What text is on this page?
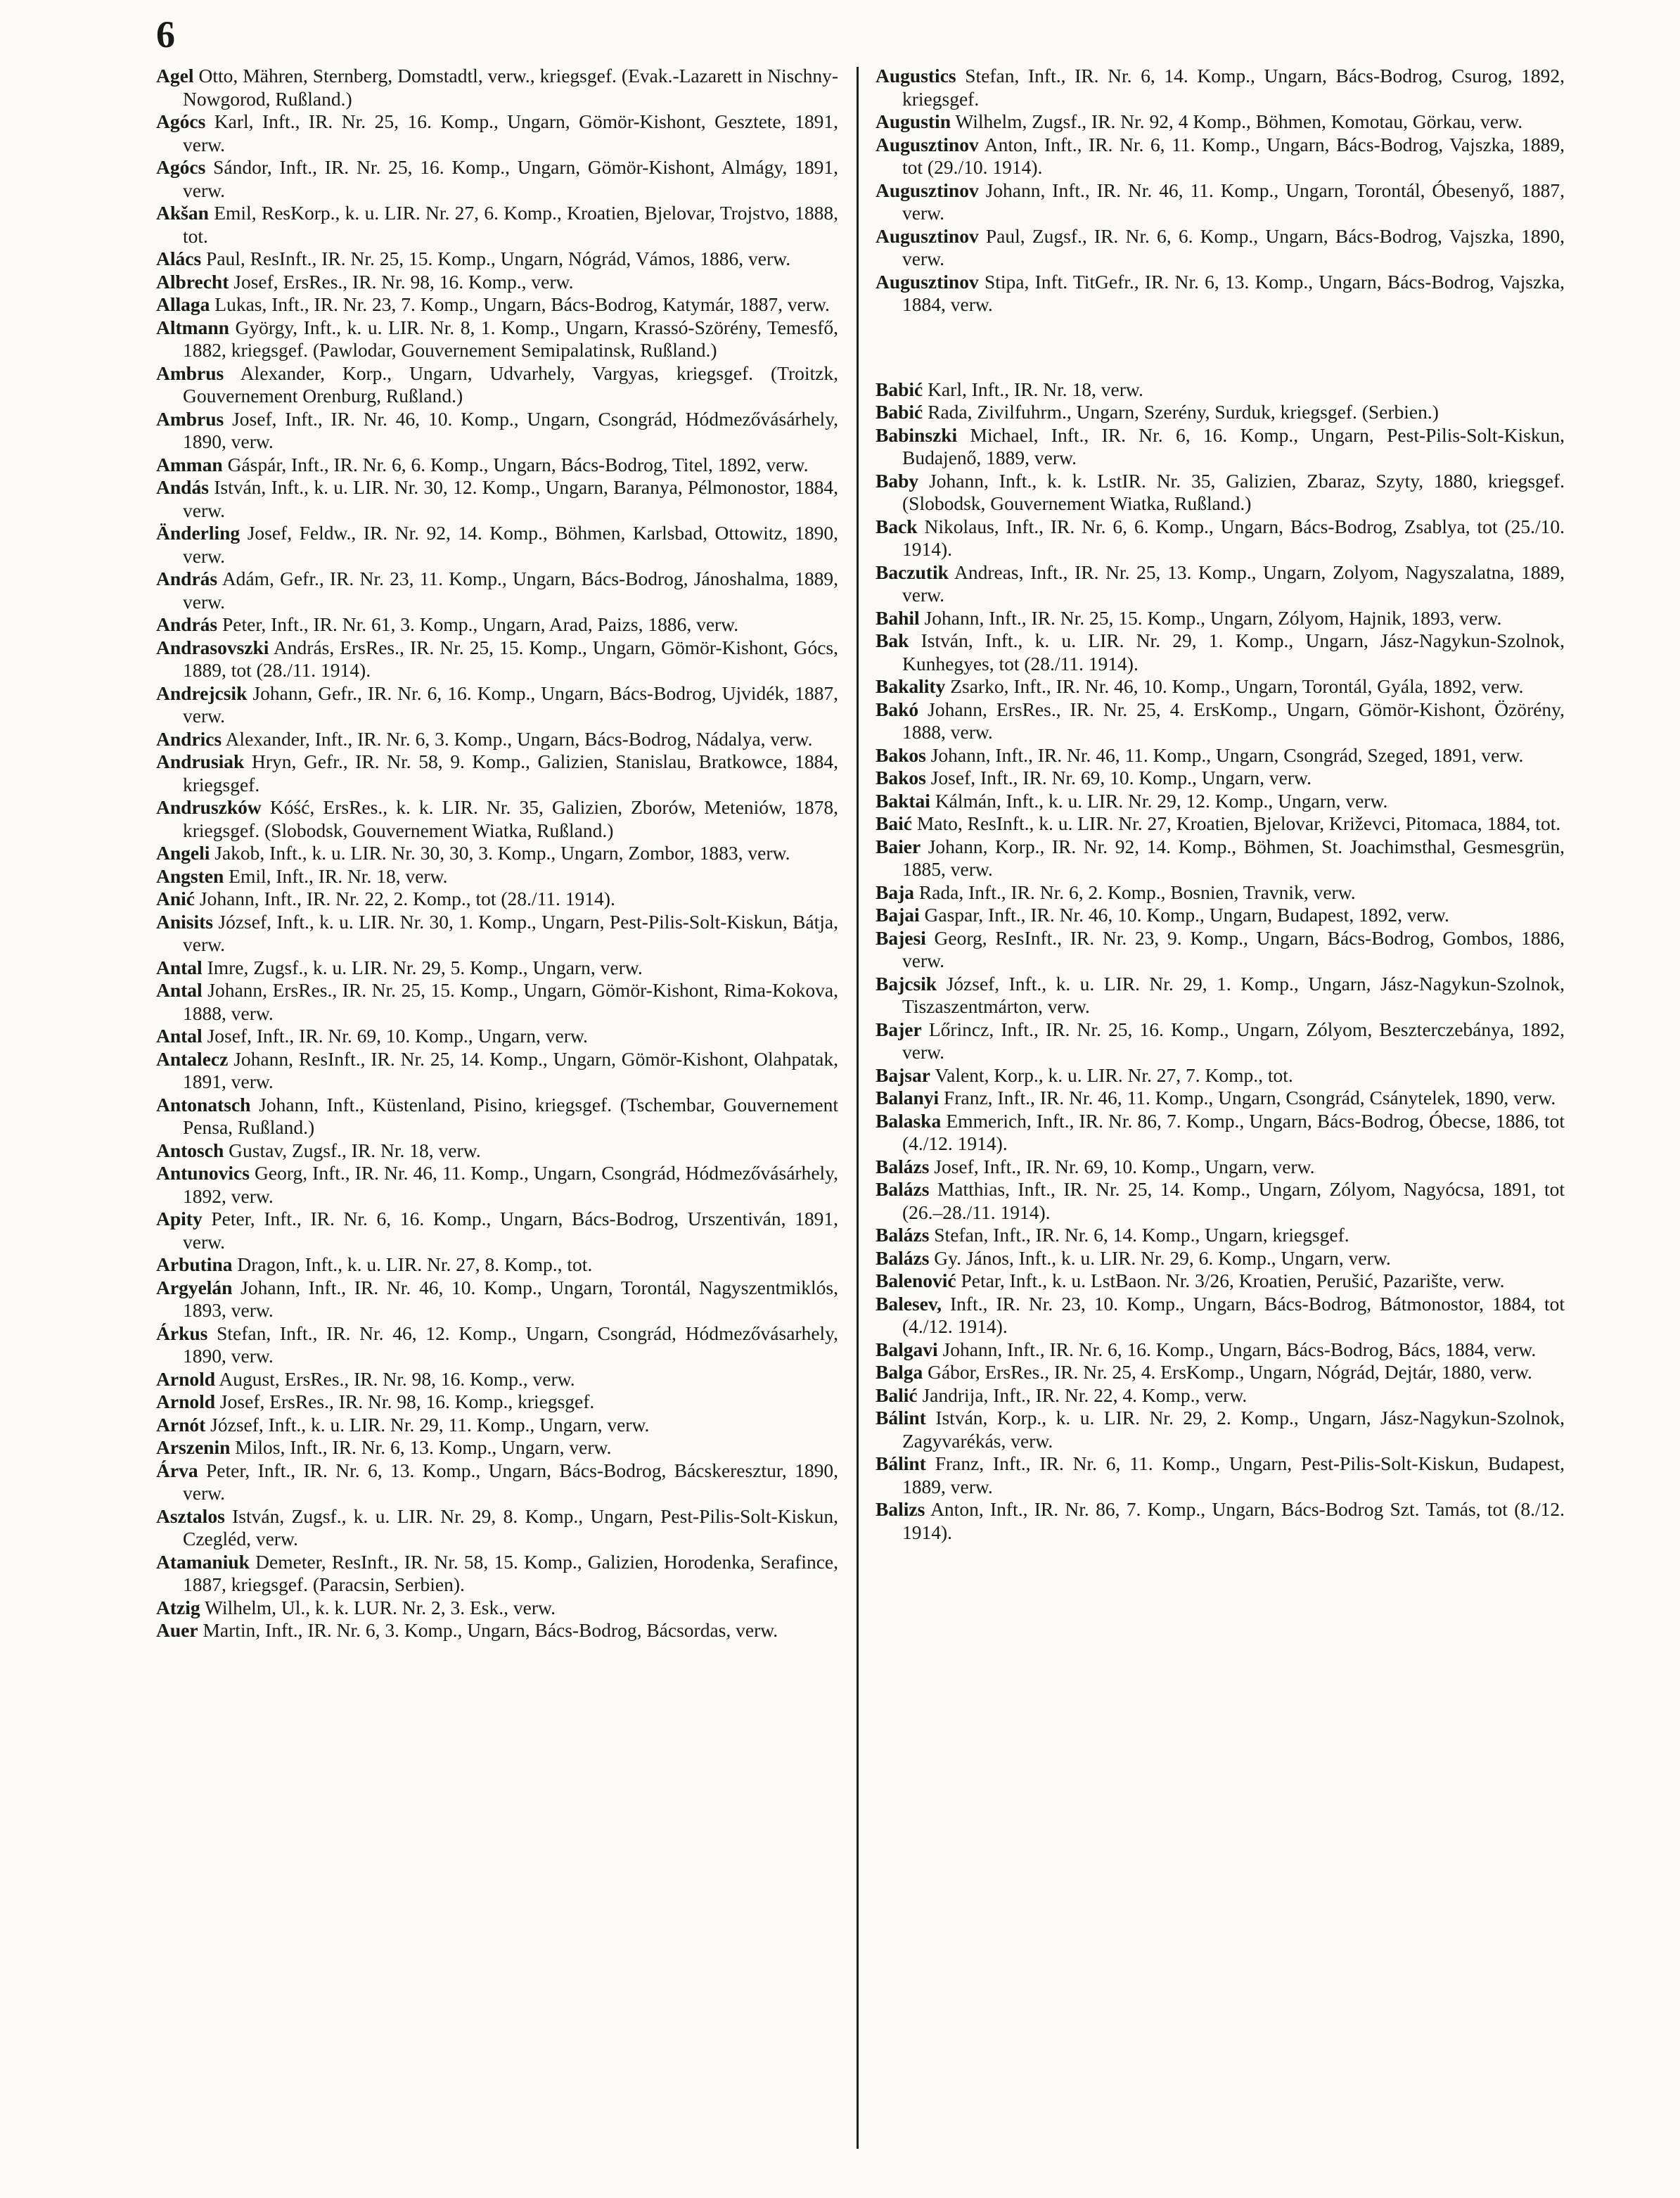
6

Agel Otto, Mähren, Sternberg, Domstadtl, verw., kriegsgef. (Evak.-Lazarett in Nischny-Nowgorod, Rußland.)

Agócs Karl, Inft., IR. Nr. 25, 16. Komp., Ungarn, Gömör-Kishont, Gesztete, 1891, verw.

Agócs Sándor, Inft., IR. Nr. 25, 16. Komp., Ungarn, Gömör-Kishont, Almágy, 1891, verw.

Akšan Emil, ResKorp., k. u. LIR. Nr. 27, 6. Komp., Kroatien, Bjelovar, Trojstvo, 1888, tot.

Alács Paul, ResInft., IR. Nr. 25, 15. Komp., Ungarn, Nógrád, Vámos, 1886, verw.

Albrecht Josef, ErsRes., IR. Nr. 98, 16. Komp., verw.

Allaga Lukas, Inft., IR. Nr. 23, 7. Komp., Ungarn, Bács-Bodrog, Katymár, 1887, verw.

Altmann György, Inft., k. u. LIR. Nr. 8, 1. Komp., Ungarn, Krassó-Szörény, Temesfő, 1882, kriegsgef. (Pawlodar, Gouvernement Semipalatinsk, Rußland.)

Ambrus Alexander, Korp., Ungarn, Udvarhely, Vargyas, kriegsgef. (Troitzk, Gouvernement Orenburg, Rußland.)

Ambrus Josef, Inft., IR. Nr. 46, 10. Komp., Ungarn, Csongrád, Hódmezővásárhely, 1890, verw.

Amman Gáspár, Inft., IR. Nr. 6, 6. Komp., Ungarn, Bács-Bodrog, Titel, 1892, verw.

Andás István, Inft., k. u. LIR. Nr. 30, 12. Komp., Ungarn, Baranya, Pélmonostor, 1884, verw.

Änderling Josef, Feldw., IR. Nr. 92, 14. Komp., Böhmen, Karlsbad, Ottowitz, 1890, verw.

András Adám, Gefr., IR. Nr. 23, 11. Komp., Ungarn, Bács-Bodrog, Jánoshalma, 1889, verw.

András Peter, Inft., IR. Nr. 61, 3. Komp., Ungarn, Arad, Paizs, 1886, verw.

Andrasovszki András, ErsRes., IR. Nr. 25, 15. Komp., Ungarn, Gömör-Kishont, Gócs, 1889, tot (28./11. 1914).

Andrejcsik Johann, Gefr., IR. Nr. 6, 16. Komp., Ungarn, Bács-Bodrog, Ujvidék, 1887, verw.

Andrics Alexander, Inft., IR. Nr. 6, 3. Komp., Ungarn, Bács-Bodrog, Nádalya, verw.

Andrusiak Hryn, Gefr., IR. Nr. 58, 9. Komp., Galizien, Stanislau, Bratkowce, 1884, kriegsgef.

Andruszków Kóść, ErsRes., k. k. LIR. Nr. 35, Galizien, Zborów, Meteniów, 1878, kriegsgef. (Slobodsk, Gouvernement Wiatka, Rußland.)

Angeli Jakob, Inft., k. u. LIR. Nr. 30, 30, 3. Komp., Ungarn, Zombor, 1883, verw.

Angsten Emil, Inft., IR. Nr. 18, verw.

Anić Johann, Inft., IR. Nr. 22, 2. Komp., tot (28./11. 1914).

Anisits József, Inft., k. u. LIR. Nr. 30, 1. Komp., Ungarn, Pest-Pilis-Solt-Kiskun, Bátja, verw.

Antal Imre, Zugsf., k. u. LIR. Nr. 29, 5. Komp., Ungarn, verw.

Antal Johann, ErsRes., IR. Nr. 25, 15. Komp., Ungarn, Gömör-Kishont, Rima-Kokova, 1888, verw.

Antal Josef, Inft., IR. Nr. 69, 10. Komp., Ungarn, verw.

Antalecz Johann, ResInft., IR. Nr. 25, 14. Komp., Ungarn, Gömör-Kishont, Olahpatak, 1891, verw.

Antonatsch Johann, Inft., Küstenland, Pisino, kriegsgef. (Tschembar, Gouvernement Pensa, Rußland.)

Antosch Gustav, Zugsf., IR. Nr. 18, verw.

Antunovics Georg, Inft., IR. Nr. 46, 11. Komp., Ungarn, Csongrád, Hódmezővásárhely, 1892, verw.

Apity Peter, Inft., IR. Nr. 6, 16. Komp., Ungarn, Bács-Bodrog, Urszentiván, 1891, verw.

Arbutina Dragon, Inft., k. u. LIR. Nr. 27, 8. Komp., tot.

Argyelán Johann, Inft., IR. Nr. 46, 10. Komp., Ungarn, Torontál, Nagyszentmiklós, 1893, verw.

Árkus Stefan, Inft., IR. Nr. 46, 12. Komp., Ungarn, Csongrád, Hódmezővásarhely, 1890, verw.

Arnold August, ErsRes., IR. Nr. 98, 16. Komp., verw.

Arnold Josef, ErsRes., IR. Nr. 98, 16. Komp., kriegsgef.

Arnót József, Inft., k. u. LIR. Nr. 29, 11. Komp., Ungarn, verw.

Arszenin Milos, Inft., IR. Nr. 6, 13. Komp., Ungarn, verw.

Árva Peter, Inft., IR. Nr. 6, 13. Komp., Ungarn, Bács-Bodrog, Bácskeresztur, 1890, verw.

Asztalos István, Zugsf., k. u. LIR. Nr. 29, 8. Komp., Ungarn, Pest-Pilis-Solt-Kiskun, Czegléd, verw.

Atamaniuk Demeter, ResInft., IR. Nr. 58, 15. Komp., Galizien, Horodenka, Serafince, 1887, kriegsgef. (Paracsin, Serbien).

Atzig Wilhelm, Ul., k. k. LUR. Nr. 2, 3. Esk., verw.

Auer Martin, Inft., IR. Nr. 6, 3. Komp., Ungarn, Bács-Bodrog, Bácsordas, verw.

Augustics Stefan, Inft., IR. Nr. 6, 14. Komp., Ungarn, Bács-Bodrog, Csurog, 1892, kriegsgef.

Augustin Wilhelm, Zugsf., IR. Nr. 92, 4 Komp., Böhmen, Komotau, Görkau, verw.

Augusztinov Anton, Inft., IR. Nr. 6, 11. Komp., Ungarn, Bács-Bodrog, Vajszka, 1889, tot (29./10. 1914).

Augusztinov Johann, Inft., IR. Nr. 46, 11. Komp., Ungarn, Torontál, Óbesenyő, 1887, verw.

Augusztinov Paul, Zugsf., IR. Nr. 6, 6. Komp., Ungarn, Bács-Bodrog, Vajszka, 1890, verw.

Augusztinov Stipa, Inft. TitGefr., IR. Nr. 6, 13. Komp., Ungarn, Bács-Bodrog, Vajszka, 1884, verw.

Babić Karl, Inft., IR. Nr. 18, verw.

Babić Rada, Zivilfuhrm., Ungarn, Szerény, Surduk, kriegsgef. (Serbien.)

Babinszki Michael, Inft., IR. Nr. 6, 16. Komp., Ungarn, Pest-Pilis-Solt-Kiskun, Budajenő, 1889, verw.

Baby Johann, Inft., k. k. LstIR. Nr. 35, Galizien, Zbaraz, Szyty, 1880, kriegsgef. (Slobodsk, Gouvernement Wiatka, Rußland.)

Back Nikolaus, Inft., IR. Nr. 6, 6. Komp., Ungarn, Bács-Bodrog, Zsablya, tot (25./10. 1914).

Baczutik Andreas, Inft., IR. Nr. 25, 13. Komp., Ungarn, Zolyom, Nagyszalatna, 1889, verw.

Bahil Johann, Inft., IR. Nr. 25, 15. Komp., Ungarn, Zólyom, Hajnik, 1893, verw.

Bak István, Inft., k. u. LIR. Nr. 29, 1. Komp., Ungarn, Jász-Nagykun-Szolnok, Kunhegyes, tot (28./11. 1914).

Bakality Zsarko, Inft., IR. Nr. 46, 10. Komp., Ungarn, Torontál, Gyála, 1892, verw.

Bakó Johann, ErsRes., IR. Nr. 25, 4. ErsKomp., Ungarn, Gömör-Kishont, Özörény, 1888, verw.

Bakos Johann, Inft., IR. Nr. 46, 11. Komp., Ungarn, Csongrád, Szeged, 1891, verw.

Bakos Josef, Inft., IR. Nr. 69, 10. Komp., Ungarn, verw.

Baktai Kálmán, Inft., k. u. LIR. Nr. 29, 12. Komp., Ungarn, verw.

Baić Mato, ResInft., k. u. LIR. Nr. 27, Kroatien, Bjelovar, Križevci, Pitomaca, 1884, tot.

Baier Johann, Korp., IR. Nr. 92, 14. Komp., Böhmen, St. Joachimsthal, Gesmesgrün, 1885, verw.

Baja Rada, Inft., IR. Nr. 6, 2. Komp., Bosnien, Travnik, verw.

Bajai Gaspar, Inft., IR. Nr. 46, 10. Komp., Ungarn, Budapest, 1892, verw.

Bajesi Georg, ResInft., IR. Nr. 23, 9. Komp., Ungarn, Bács-Bodrog, Gombos, 1886, verw.

Bajcsik József, Inft., k. u. LIR. Nr. 29, 1. Komp., Ungarn, Jász-Nagykun-Szolnok, Tiszaszentmárton, verw.

Bajer Lőrincz, Inft., IR. Nr. 25, 16. Komp., Ungarn, Zólyom, Beszterczebánya, 1892, verw.

Bajsar Valent, Korp., k. u. LIR. Nr. 27, 7. Komp., tot.

Balanyi Franz, Inft., IR. Nr. 46, 11. Komp., Ungarn, Csongrád, Csánytelek, 1890, verw.

Balaska Emmerich, Inft., IR. Nr. 86, 7. Komp., Ungarn, Bács-Bodrog, Óbecse, 1886, tot (4./12. 1914).

Balázs Josef, Inft., IR. Nr. 69, 10. Komp., Ungarn, verw.

Balázs Matthias, Inft., IR. Nr. 25, 14. Komp., Ungarn, Zólyom, Nagyócsa, 1891, tot (26.–28./11. 1914).

Balázs Stefan, Inft., IR. Nr. 6, 14. Komp., Ungarn, kriegsgef.

Balázs Gy. János, Inft., k. u. LIR. Nr. 29, 6. Komp., Ungarn, verw.

Balenović Petar, Inft., k. u. LstBaon. Nr. 3/26, Kroatien, Perušić, Pazarište, verw.

Balesev, Inft., IR. Nr. 23, 10. Komp., Ungarn, Bács-Bodrog, Bátmonostor, 1884, tot (4./12. 1914).

Balgavi Johann, Inft., IR. Nr. 6, 16. Komp., Ungarn, Bács-Bodrog, Bács, 1884, verw.

Balga Gábor, ErsRes., IR. Nr. 25, 4. ErsKomp., Ungarn, Nógrád, Dejtár, 1880, verw.

Balić Jandrija, Inft., IR. Nr. 22, 4. Komp., verw.

Bálint István, Korp., k. u. LIR. Nr. 29, 2. Komp., Ungarn, Jász-Nagykun-Szolnok, Zagyvarékás, verw.

Bálint Franz, Inft., IR. Nr. 6, 11. Komp., Ungarn, Pest-Pilis-Solt-Kiskun, Budapest, 1889, verw.

Balizs Anton, Inft., IR. Nr. 86, 7. Komp., Ungarn, Bács-Bodrog Szt. Tamás, tot (8./12. 1914).
